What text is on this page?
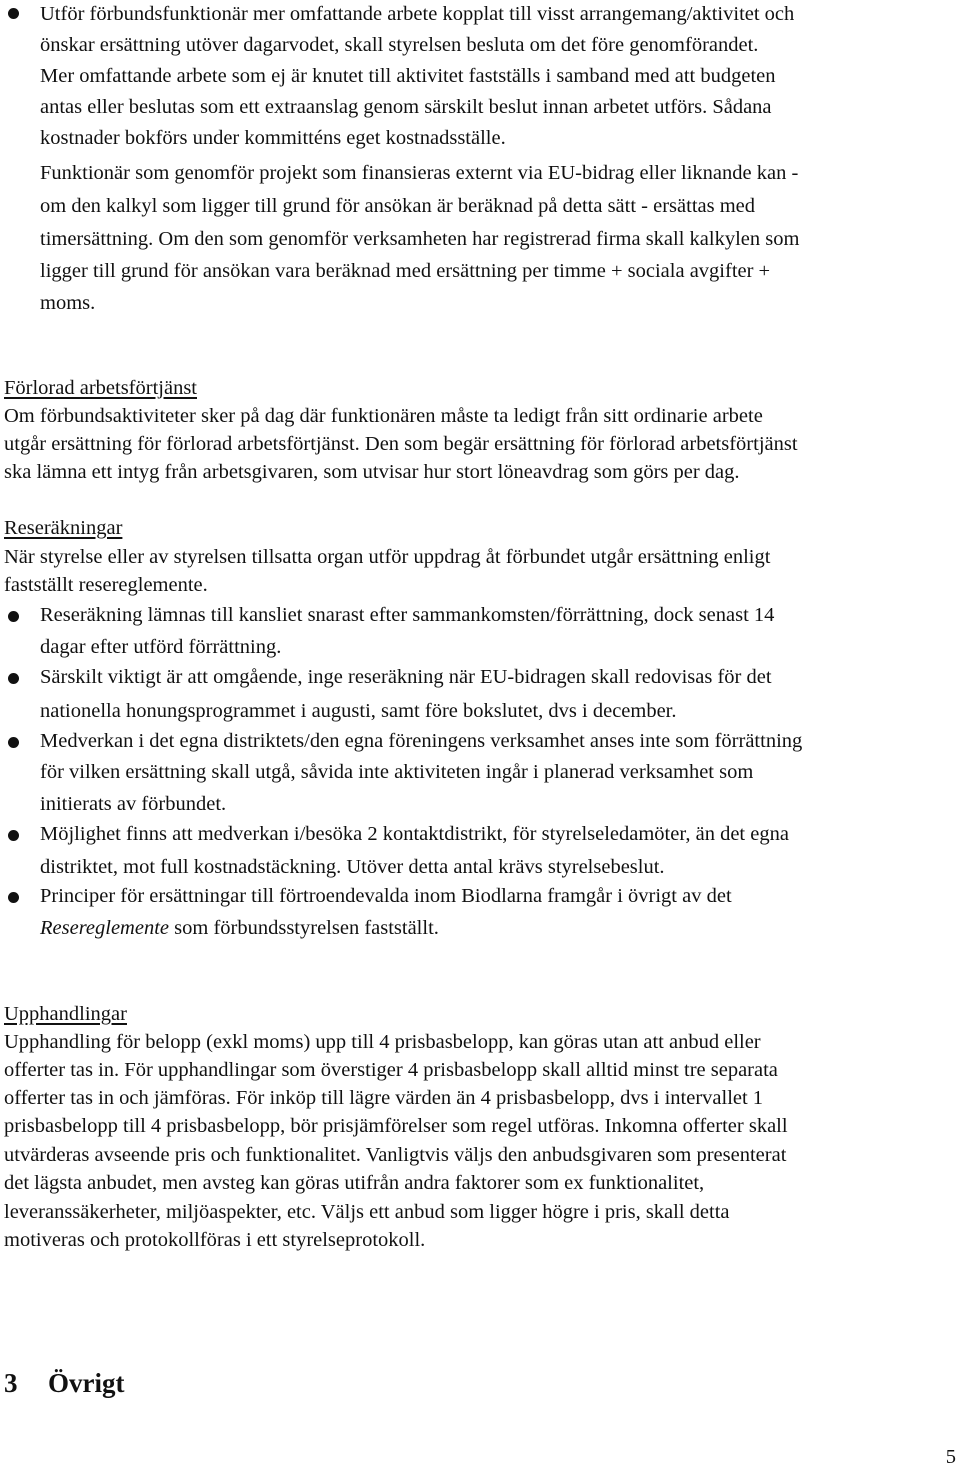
Utför förbundsfunktionär mer omfattande arbete kopplat till visst arrangemang/aktivitet och
önskar ersättning utöver dagarvodet, skall styrelsen besluta om det före genomförandet.
Mer omfattande arbete som ej är knutet till aktivitet fastställs i samband med att budgeten
antas eller beslutas som ett extraanslag genom särskilt beslut innan arbetet utförs. Sådana
kostnader bokförs under kommitténs eget kostnadsställe.
Funktionär som genomför projekt som finansieras externt via EU-bidrag eller liknande kan -
om den kalkyl som ligger till grund för ansökan är beräknad på detta sätt - ersättas med
timersättning. Om den som genomför verksamheten har registrerad firma skall kalkylen som
ligger till grund för ansökan vara beräknad med ersättning per timme + sociala avgifter +
moms.
Förlorad arbetsförtjänst
Om förbundsaktiviteter sker på dag där funktionären måste ta ledigt från sitt ordinarie arbete
utgår ersättning för förlorad arbetsförtjänst. Den som begär ersättning för förlorad arbetsförtjänst
ska lämna ett intyg från arbetsgivaren, som utvisar hur stort löneavdrag som görs per dag.
Reseräkningar
När styrelse eller av styrelsen tillsatta organ utför uppdrag åt förbundet utgår ersättning enligt
fastställt resereglemente.
Reseräkning lämnas till kansliet snarast efter sammankomsten/förrättning, dock senast 14
dagar efter utförd förrättning.
Särskilt viktigt är att omgående, inge reseräkning när EU-bidragen skall redovisas för det
nationella honungsprogrammet i augusti, samt före bokslutet, dvs i december.
Medverkan i det egna distriktets/den egna föreningens verksamhet anses inte som förrättning
för vilken ersättning skall utgå, såvida inte aktiviteten ingår i planerad verksamhet som
initierats av förbundet.
Möjlighet finns att medverkan i/besöka 2 kontaktdistrikt, för styrelseledamöter, än det egna
distriktet, mot full kostnadstäckning. Utöver detta antal krävs styrelsebeslut.
Principer för ersättningar till förtroendevalda inom Biodlarna framgår i övrigt av det
Resereglemente som förbundsstyrelsen fastställt.
Upphandlingar
Upphandling för belopp (exkl moms) upp till 4 prisbasbelopp, kan göras utan att anbud eller
offerter tas in. För upphandlingar som överstiger 4 prisbasbelopp skall alltid minst tre separata
offerter tas in och jämföras. För inköp till lägre värden än 4 prisbasbelopp, dvs i intervallet 1
prisbasbelopp till 4 prisbasbelopp, bör prisjämförelser som regel utföras. Inkomna offerter skall
utvärderas avseende pris och funktionalitet. Vanligtvis väljs den anbudsgivaren som presenterat
det lägsta anbudet, men avsteg kan göras utifrån andra faktorer som ex funktionalitet,
leveranssäkerheter, miljöaspekter, etc. Väljs ett anbud som ligger högre i pris, skall detta
motiveras och protokollföras i ett styrelseprotokoll.
3 Övrigt
5
